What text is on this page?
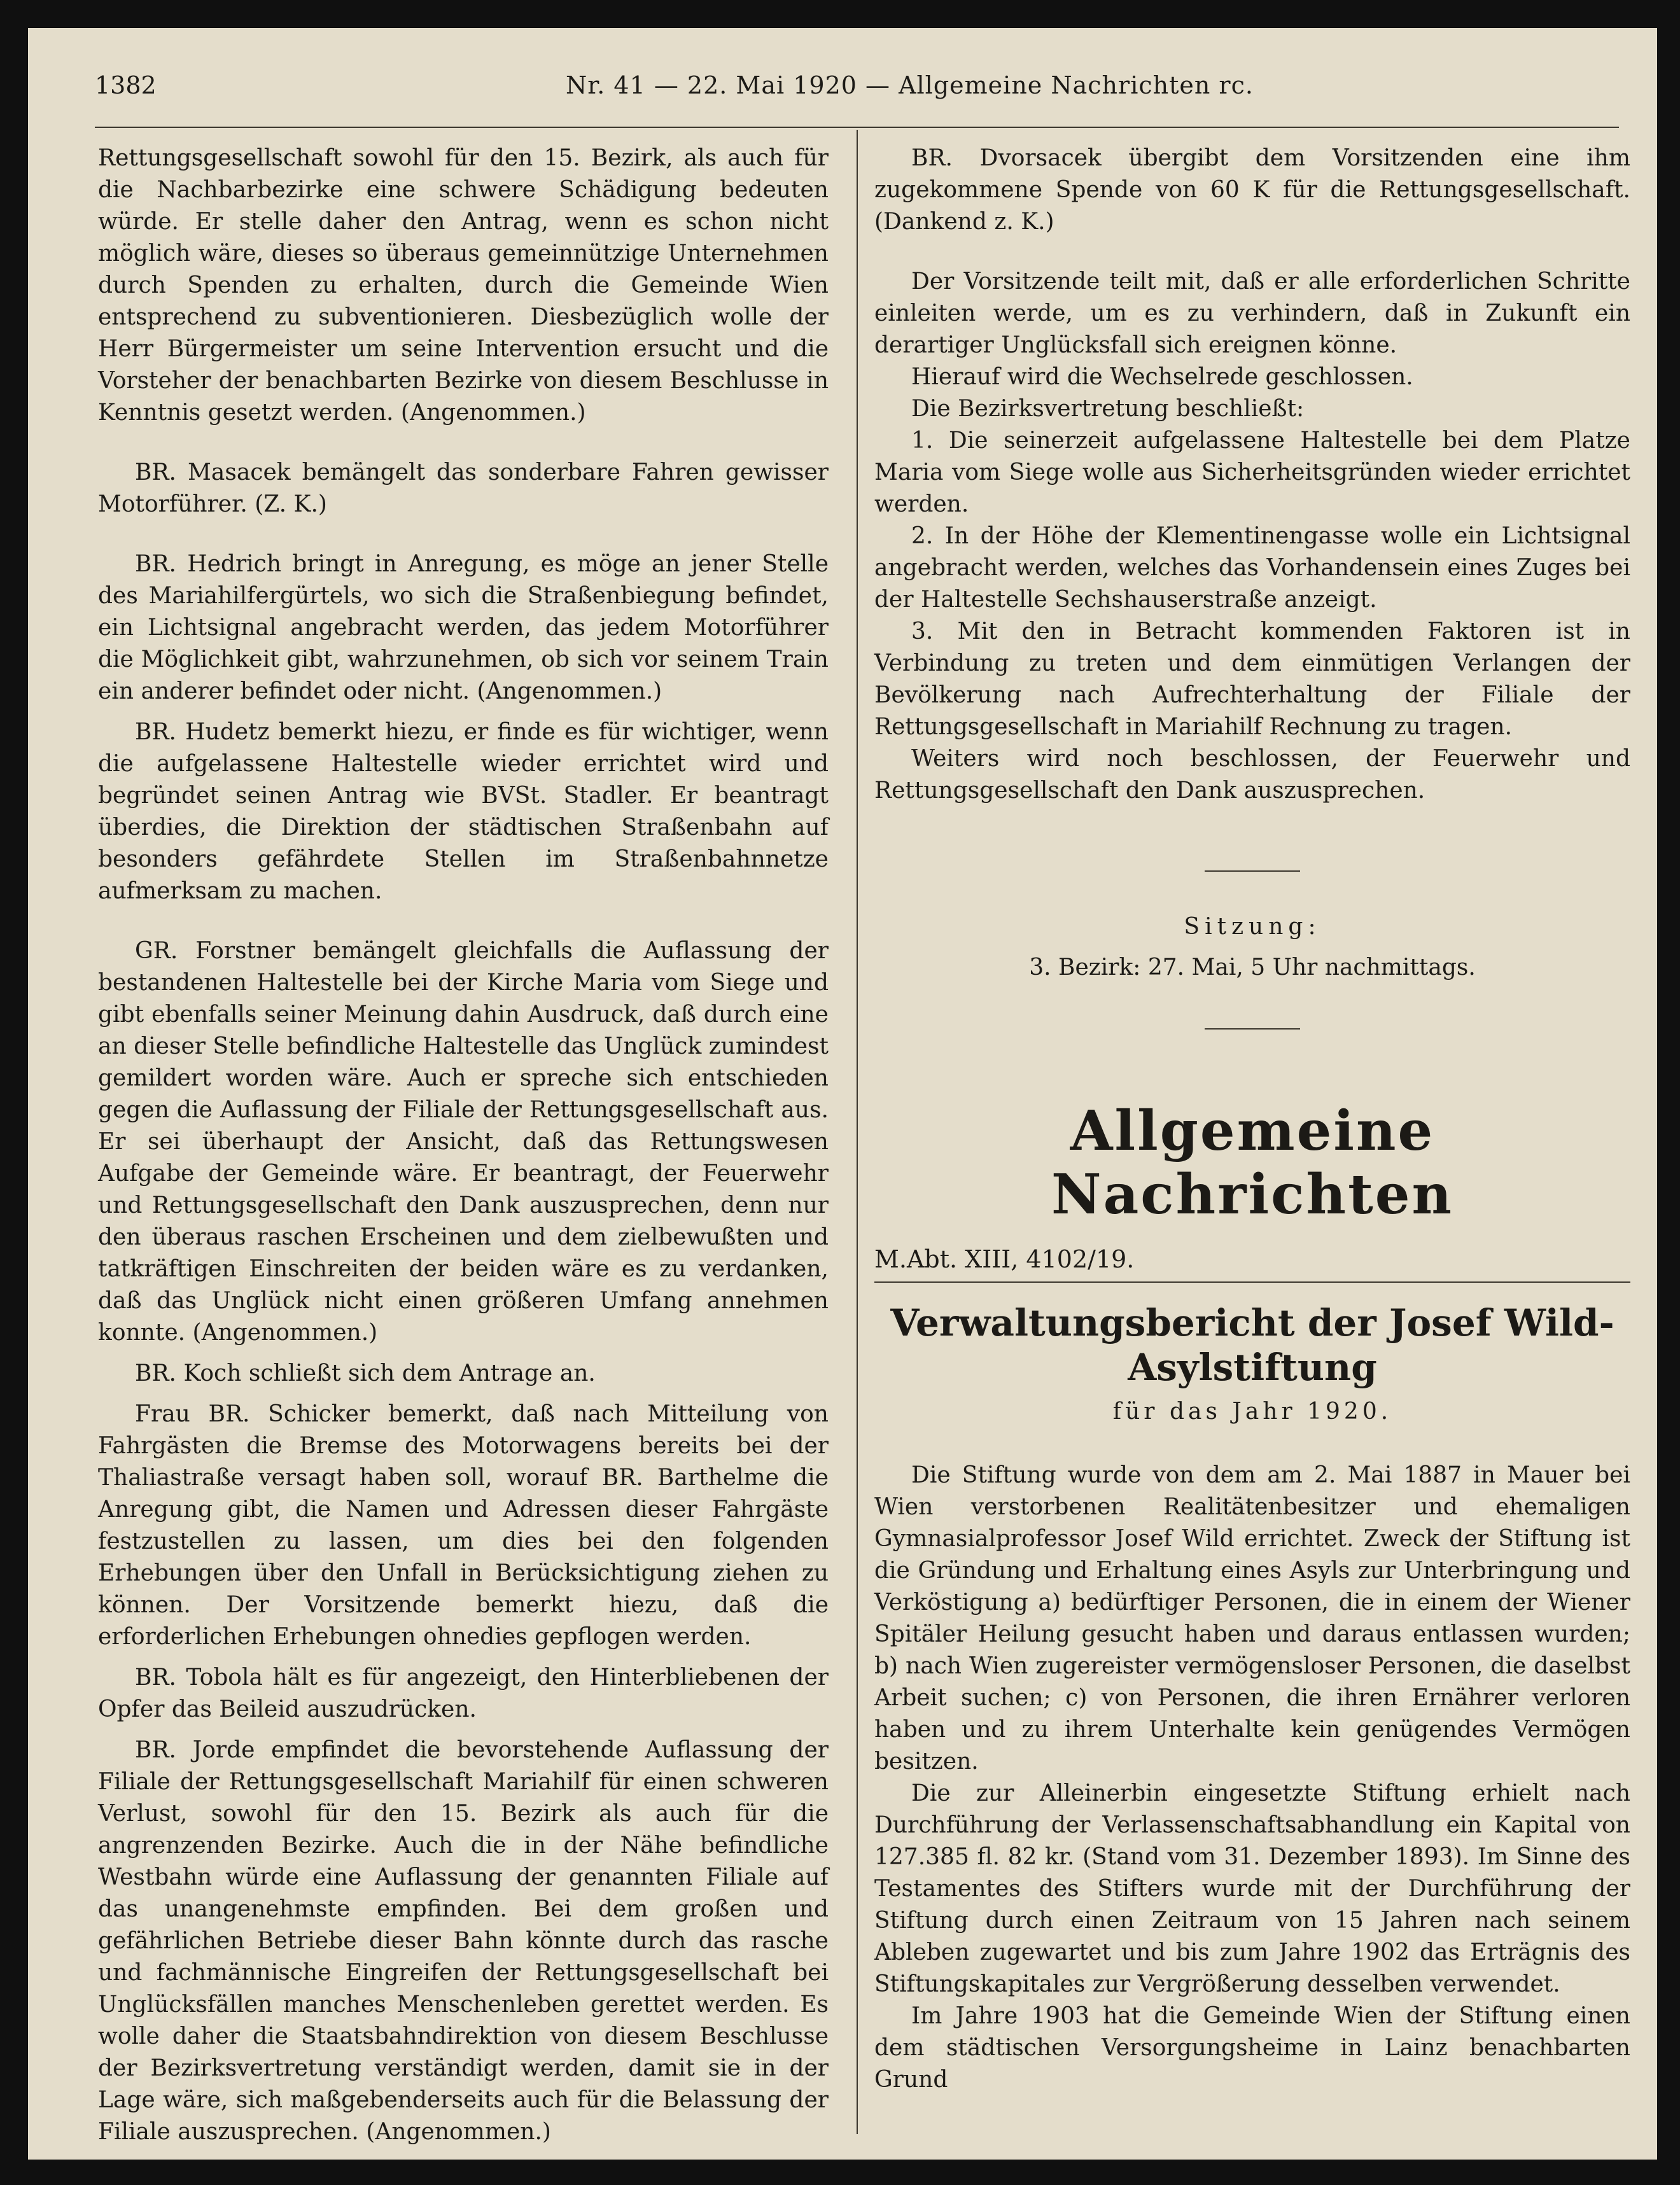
1382	Nr. 41 — 22. Mai 1920 — Allgemeine Nachrichten rc.

Rettungsgesellschaft sowohl für den 15. Bezirk, als auch für die Nachbarbezirke eine schwere Schädigung bedeuten würde. Er stelle daher den Antrag, wenn es schon nicht möglich wäre, dieses so überaus gemeinnützige Unternehmen durch Spenden zu erhalten, durch die Gemeinde Wien entsprechend zu subventionieren. Diesbezüglich wolle der Herr Bürgermeister um seine Intervention ersucht und die Vorsteher der benachbarten Bezirke von diesem Beschlusse in Kenntnis gesetzt werden. (Angenommen.)

BR. Masacek bemängelt das sonderbare Fahren gewisser Motorführer. (Z. K.)

BR. Hedrich bringt in Anregung, es möge an jener Stelle des Mariahilfergürtels, wo sich die Straßenbiegung befindet, ein Lichtsignal angebracht werden, das jedem Motorführer die Möglichkeit gibt, wahrzunehmen, ob sich vor seinem Train ein anderer befindet oder nicht. (Angenommen.)

BR. Hudetz bemerkt hiezu, er finde es für wichtiger, wenn die aufgelassene Haltestelle wieder errichtet wird und begründet seinen Antrag wie BVSt. Stadler. Er beantragt überdies, die Direktion der städtischen Straßenbahn auf besonders gefährdete Stellen im Straßenbahnnetze aufmerksam zu machen.

GR. Forstner bemängelt gleichfalls die Auflassung der bestandenen Haltestelle bei der Kirche Maria vom Siege und gibt ebenfalls seiner Meinung dahin Ausdruck, daß durch eine an dieser Stelle befindliche Haltestelle das Unglück zumindest gemildert worden wäre. Auch er spreche sich entschieden gegen die Auflassung der Filiale der Rettungsgesellschaft aus. Er sei überhaupt der Ansicht, daß das Rettungswesen Aufgabe der Gemeinde wäre. Er beantragt, der Feuerwehr und Rettungsgesellschaft den Dank auszusprechen, denn nur den überaus raschen Erscheinen und dem zielbewußten und tatkräftigen Einschreiten der beiden wäre es zu verdanken, daß das Unglück nicht einen größeren Umfang annehmen konnte. (Angenommen.)

BR. Koch schließt sich dem Antrage an.

Frau BR. Schicker bemerkt, daß nach Mitteilung von Fahrgästen die Bremse des Motorwagens bereits bei der Thaliastraße versagt haben soll, worauf BR. Barthelme die Anregung gibt, die Namen und Adressen dieser Fahrgäste festzustellen zu lassen, um dies bei den folgenden Erhebungen über den Unfall in Berücksichtigung ziehen zu können. Der Vorsitzende bemerkt hiezu, daß die erforderlichen Erhebungen ohnedies gepflogen werden.

BR. Tobola hält es für angezeigt, den Hinterbliebenen der Opfer das Beileid auszudrücken.

BR. Jorde empfindet die bevorstehende Auflassung der Filiale der Rettungsgesellschaft Mariahilf für einen schweren Verlust, sowohl für den 15. Bezirk als auch für die angrenzenden Bezirke. Auch die in der Nähe befindliche Westbahn würde eine Auflassung der genannten Filiale auf das unangenehmste empfinden. Bei dem großen und gefährlichen Betriebe dieser Bahn könnte durch das rasche und fachmännische Eingreifen der Rettungsgesellschaft bei Unglücksfällen manches Menschenleben gerettet werden. Es wolle daher die Staatsbahndirektion von diesem Beschlusse der Bezirksvertretung verständigt werden, damit sie in der Lage wäre, sich maßgebenderseits auch für die Belassung der Filiale auszusprechen. (Angenommen.)

BR. Dvorsacek übergibt dem Vorsitzenden eine ihm zugekommene Spende von 60 K für die Rettungsgesellschaft. (Dankend z. K.)

Der Vorsitzende teilt mit, daß er alle erforderlichen Schritte einleiten werde, um es zu verhindern, daß in Zukunft ein derartiger Unglücksfall sich ereignen könne.

Hierauf wird die Wechselrede geschlossen.

Die Bezirksvertretung beschließt:

1. Die seinerzeit aufgelassene Haltestelle bei dem Platze Maria vom Siege wolle aus Sicherheitsgründen wieder errichtet werden.

2. In der Höhe der Klementinengasse wolle ein Lichtsignal angebracht werden, welches das Vorhandensein eines Zuges bei der Haltestelle Sechshauserstraße anzeigt.

3. Mit den in Betracht kommenden Faktoren ist in Verbindung zu treten und dem einmütigen Verlangen der Bevölkerung nach Aufrechterhaltung der Filiale der Rettungsgesellschaft in Mariahilf Rechnung zu tragen.

Weiters wird noch beschlossen, der Feuerwehr und Rettungsgesellschaft den Dank auszusprechen.

Sitzung:

3. Bezirk: 27. Mai, 5 Uhr nachmittags.

Allgemeine Nachrichten

M.Abt. XIII, 4102/19.

Verwaltungsbericht der Josef Wild-

Asylstiftung

für das Jahr 1920.

Die Stiftung wurde von dem am 2. Mai 1887 in Mauer bei Wien verstorbenen Realitätenbesitzer und ehemaligen Gymnasialprofessor Josef Wild errichtet. Zweck der Stiftung ist die Gründung und Erhaltung eines Asyls zur Unterbringung und Verköstigung a) bedürftiger Personen, die in einem der Wiener Spitäler Heilung gesucht haben und daraus entlassen wurden; b) nach Wien zugereister vermögensloser Personen, die daselbst Arbeit suchen; c) von Personen, die ihren Ernährer verloren haben und zu ihrem Unterhalte kein genügendes Vermögen besitzen.

Die zur Alleinerbin eingesetzte Stiftung erhielt nach Durchführung der Verlassenschaftsabhandlung ein Kapital von 127.385 fl. 82 kr. (Stand vom 31. Dezember 1893). Im Sinne des Testamentes des Stifters wurde mit der Durchführung der Stiftung durch einen Zeitraum von 15 Jahren nach seinem Ableben zugewartet und bis zum Jahre 1902 das Erträgnis des Stiftungskapitales zur Vergrößerung desselben verwendet.

Im Jahre 1903 hat die Gemeinde Wien der Stiftung einen dem städtischen Versorgungsheime in Lainz benachbarten Grund
